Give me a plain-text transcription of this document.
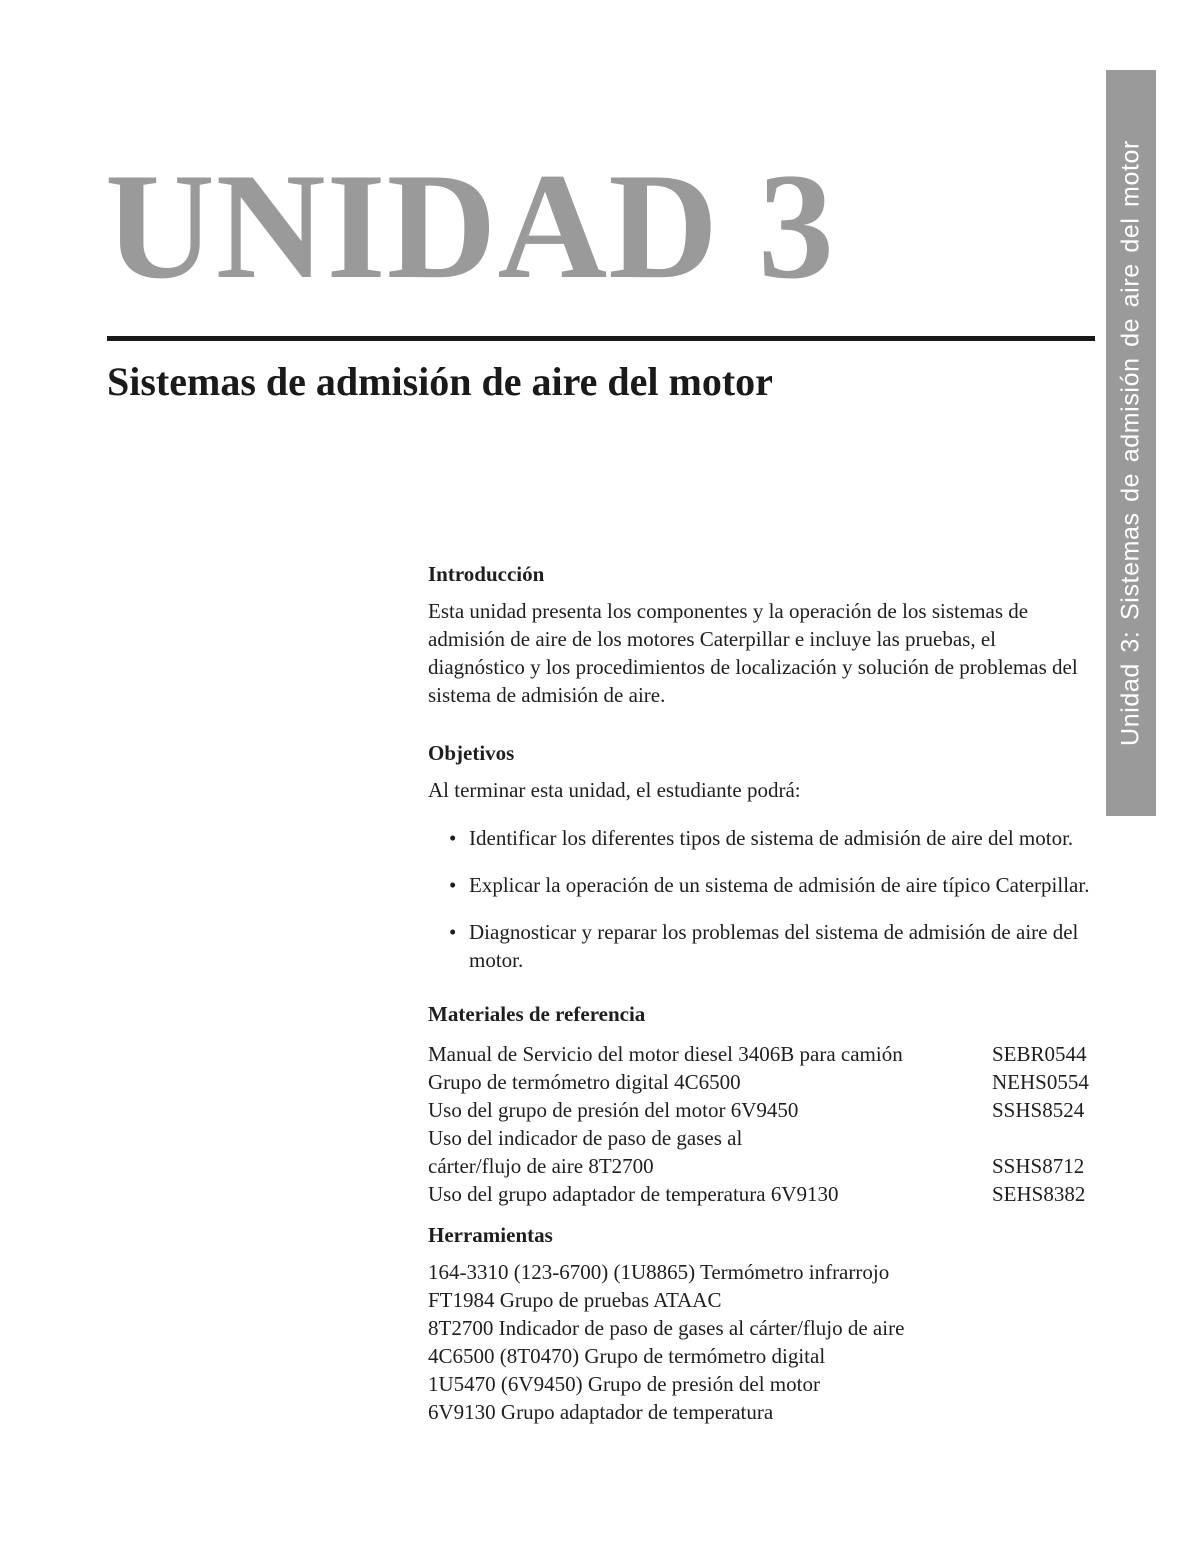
UNIDAD 3
Sistemas de admisión de aire del motor	Unidad 3: Sistemas de admisión de aire del motor
Introducción

Esta unidad presenta los componentes y la operación de los sistemas de admisión de aire de los motores Caterpillar e incluye las pruebas, el diagnóstico y los procedimientos de localización y solución de problemas del sistema de admisión de aire.

Objetivos

Al terminar esta unidad, el estudiante podrá:

• Identificar los diferentes tipos de sistema de admisión de aire del motor.
• Explicar la operación de un sistema de admisión de aire típico Caterpillar.
• Diagnosticar y reparar los problemas del sistema de admisión de aire del motor.
Materiales de referencia
Manual de Servicio del motor diesel 3406B para camión	SEBR0544
Grupo de termómetro digital 4C6500	NEHS0554
Uso del grupo de presión del motor 6V9450	SSHS8524
Uso del indicador de paso de gases al
cárter/flujo de aire 8T2700	SSHS8712
Uso del grupo adaptador de temperatura 6V9130	SEHS8382
Herramientas
164-3310 (123-6700) (1U8865) Termómetro infrarrojo
FT1984 Grupo de pruebas ATAAC
8T2700 Indicador de paso de gases al cárter/flujo de aire
4C6500 (8T0470) Grupo de termómetro digital
1U5470 (6V9450) Grupo de presión del motor
6V9130 Grupo adaptador de temperatura
